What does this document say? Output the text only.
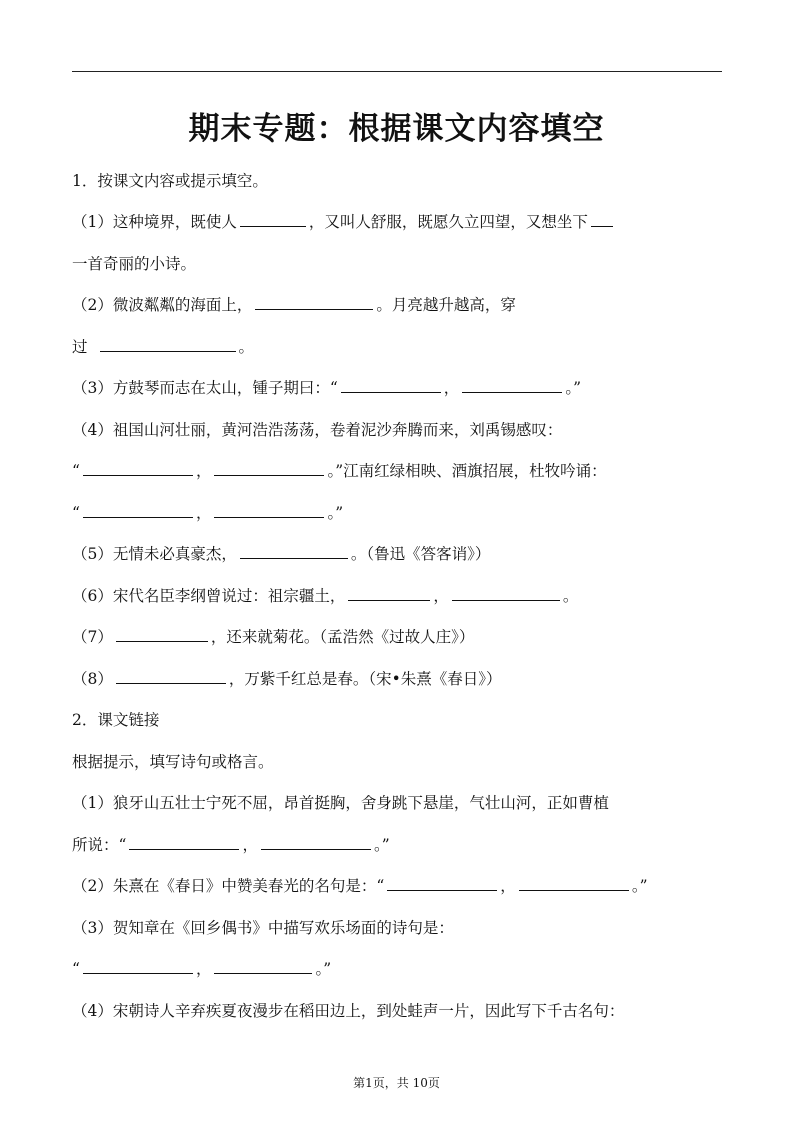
期末专题：根据课文内容填空
1．按课文内容或提示填空。
（1）这种境界，既使人	，又叫人舒服，既愿久立四望，又想坐下
一首奇丽的小诗。
（2）微波粼粼的海面上，	。月亮越升越高，穿
过	。
（3）方鼓琴而志在太山，锺子期曰：“	，	。”
（4）祖国山河壮丽，黄河浩浩荡荡，卷着泥沙奔腾而来，刘禹锡感叹：
“	，	。”江南红绿相映、酒旗招展，杜牧吟诵：
“	，	。”
（5）无情未必真豪杰，	。（鲁迅《答客诮》）
（6）宋代名臣李纲曾说过：祖宗疆土，	，	。
（7）	，还来就菊花。（孟浩然《过故人庄》）
（8）	，万紫千红总是春。（宋•朱熹《春日》）
2．课文链接
根据提示，填写诗句或格言。
（1）狼牙山五壮士宁死不屈，昂首挺胸，舍身跳下悬崖，气壮山河，正如曹植
所说：“	，	。”
（2）朱熹在《春日》中赞美春光的名句是：“	，	。”
（3）贺知章在《回乡偶书》中描写欢乐场面的诗句是：
“	，	。”
（4）宋朝诗人辛弃疾夏夜漫步在稻田边上，到处蛙声一片，因此写下千古名句：
第1页，共 10页
